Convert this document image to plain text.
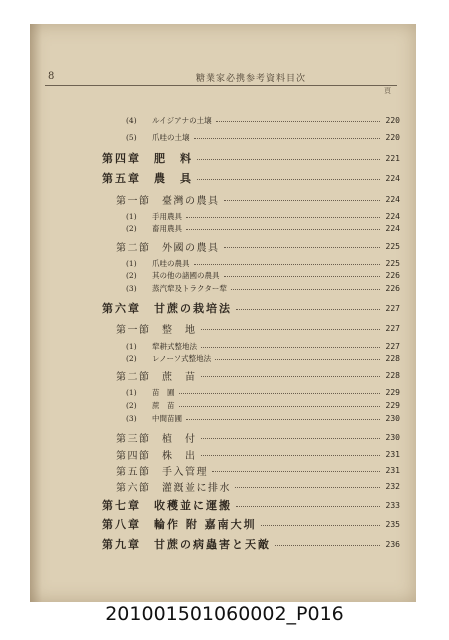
8	糖業家必携参考資料目次
頁
(4) ルイジアナの土壌	220
(5) 爪哇の土壌	220
第四章　肥　料	221
第五章　農　具	224
第一節　臺灣の農具	224
(1) 手用農具	224
(2) 畜用農具	224
第二節　外國の農具	225
(1) 爪哇の農具	225
(2) 其の他の諸國の農具	226
(3) 蒸汽犂及トラクター犂	226
第六章　甘蔗の栽培法	227
第一節　整　地	227
(1) 犂耕式整地法	227
(2) レノーソ式整地法	228
第二節　蔗　苗	228
(1) 苗　圃	229
(2) 蔗　苗	229
(3) 中間苗圃	230
第三節　植　付	230
第四節　株　出	231
第五節　手入管理	231
第六節　灌漑並に排水	232
第七章　收穫並に運搬	233
第八章　輪作 附 嘉南大圳	235
第九章　甘蔗の病蟲害と天敵	236
201001501060002_P016
